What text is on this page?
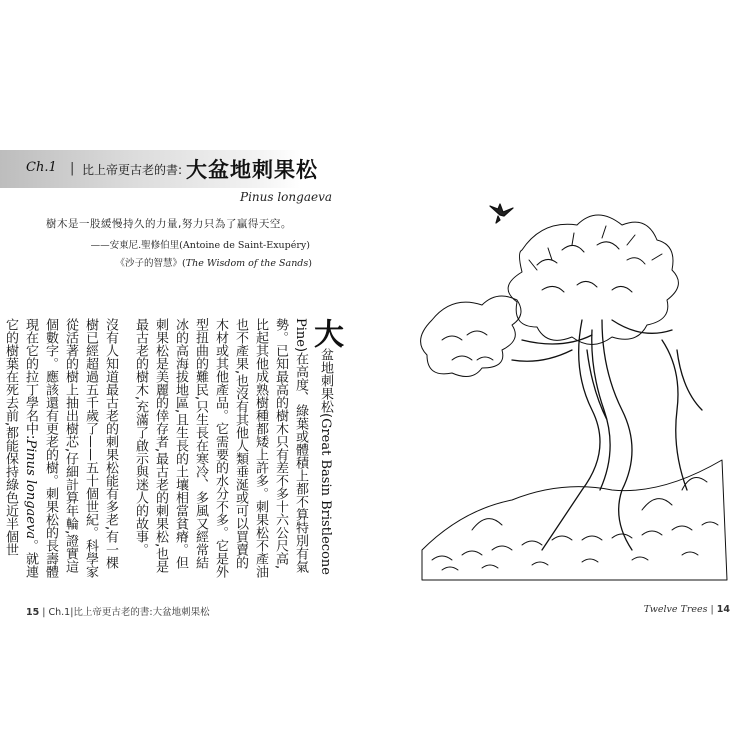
Ch.1 | 比上帝更古老的書: 大盆地刺果松
Pinus longaeva
樹木是一股緩慢持久的力量,努力只為了贏得天空。
——安東尼.聖修伯里(Antoine de Saint-Exupéry)
《沙子的智慧》(The Wisdom of the Sands)

大盆地刺果松(Great Basin Bristlecone Pine)在高度、綠葉或體積上都不算特別有氣勢。已知最高的樹木只有差不多十六公尺高,比起其他成熟樹種都矮上許多。刺果松不產油也不產果,也沒有其他人類垂涎或可以買賣的木材或其他產品。它需要的水分不多。它是外型扭曲的難民,只生長在寒冷、多風又經常結冰的高海拔地區,且生長的土壤相當貧瘠。但刺果松是美麗的倖存者,最古老的刺果松,也是最古老的樹木,充滿了啟示與迷人的故事。

沒有人知道最古老的刺果松能有多老,有一棵樹已經超過五千歲了——五十個世紀。科學家從活著的樹上抽出樹芯,仔細計算年輪,證實這個數字。應該還有更老的樹。刺果松的長壽體現在它的拉丁學名中:Pinus longaeva。就連它的樹葉在死去前,都能保持綠色近半個世

15 | Ch.1|比上帝更古老的書:大盆地刺果松	Twelve Trees | 14
